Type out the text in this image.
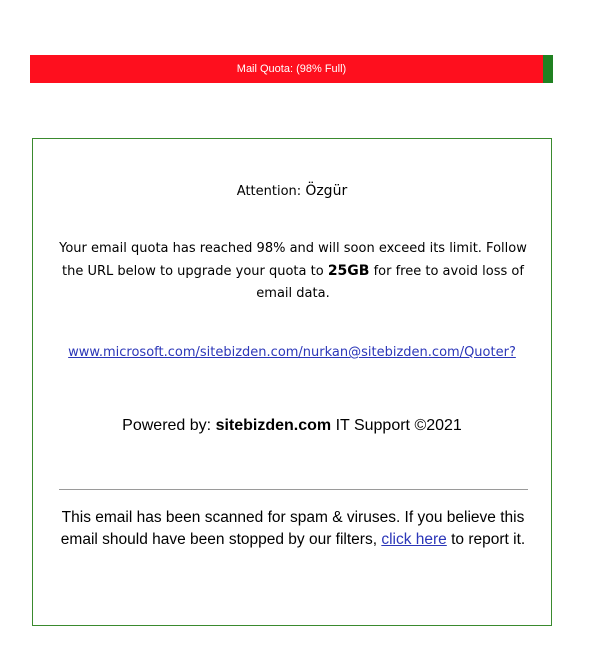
Mail Quota: (98% Full)
Attention: Özgür
Your email quota has reached 98% and will soon exceed its limit. Follow the URL below to upgrade your quota to 25GB for free to avoid loss of email data.
www.microsoft.com/sitebizden.com/nurkan@sitebizden.com/Quoter?
Powered by: sitebizden.com IT Support ©2021
This email has been scanned for spam & viruses. If you believe this email should have been stopped by our filters, click here to report it.
